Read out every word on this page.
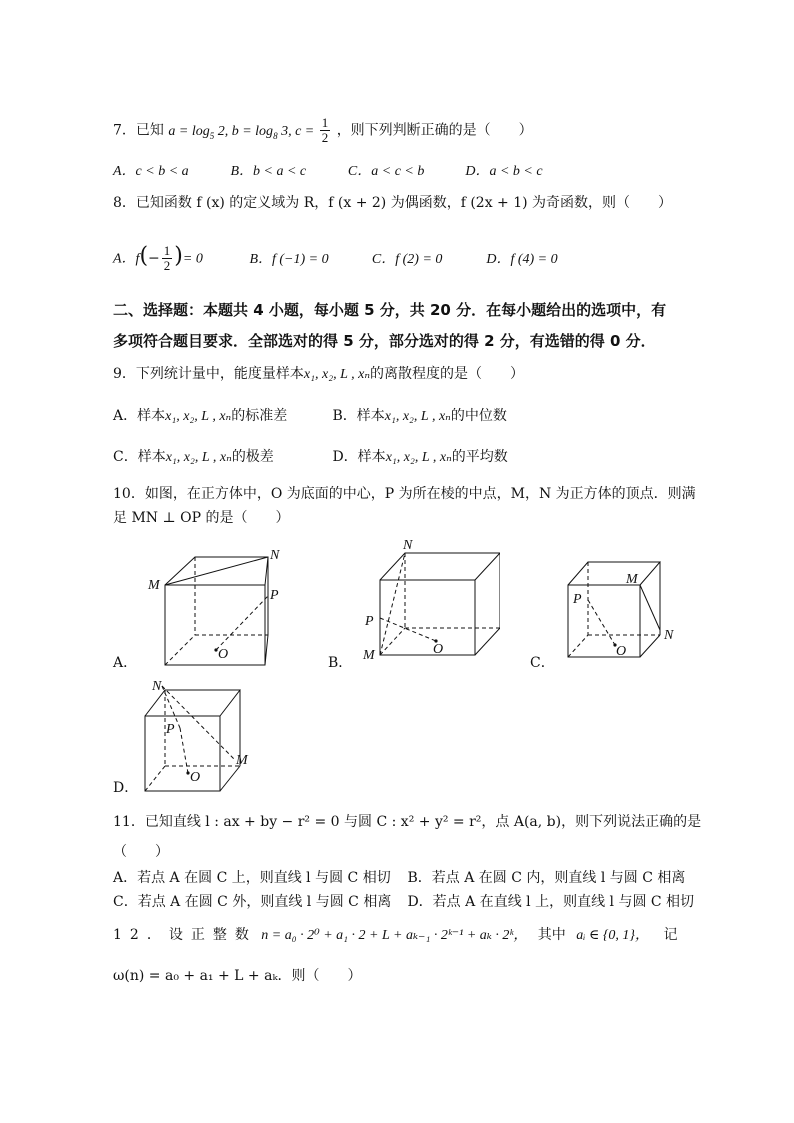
7．已知 $a = \log_5 2$, $b = \log_8 3$, $c = \frac{1}{2}$ ，则下列判断正确的是（　　）
A．c < b < a	B．b < a < c	C．a < c < b	D．a < b < c
8．已知函数 f (x) 的定义域为 R，f (x + 2) 为偶函数，f (2x + 1) 为奇函数，则（　　）
A．$f(- \frac{1}{2}$ )= 0	B．f (−1) = 0	C．f (2) = 0	D．f (4) = 0
二、选择题：本题共 4 小题，每小题 5 分，共 20 分．在每小题给出的选项中，有
多项符合题目要求．全部选对的得 5 分，部分选对的得 2 分，有选错的得 0 分．
9．下列统计量中，能度量样本x₁, x₂, L , xₙ的离散程度的是（　　）
A．样本x₁, x₂, L , xₙ的标准差	B．样本x₁, x₂, L , xₙ的中位数
C．样本x₁, x₂, L , xₙ的极差	D．样本x₁, x₂, L , xₙ的平均数
10．如图，在正方体中，O 为底面的中心，P 为所在棱的中点，M，N 为正方体的顶点．则满
足 MN ⊥ OP 的是（　　）
M
N
P
O
A．
N
P
M	O
B．
M
P
N
O
C．
N
P
M
O
D．
11．已知直线 l : ax + by − r² = 0 与圆 C : x² + y² = r²，点 A(a, b)，则下列说法正确的是
（　　）
A．若点 A 在圆 C 上，则直线 l 与圆 C 相切 B．若点 A 在圆 C 内，则直线 l 与圆 C 相离
C．若点 A 在圆 C 外，则直线 l 与圆 C 相离 D．若点 A 在直线 l 上，则直线 l 与圆 C 相切
12．设正整数 n = a₀ · 2⁰ + a₁ · 2 + L + aₖ₋₁ · 2ᵏ⁻¹ + aₖ · 2ᵏ， 其中 aᵢ ∈ {0, 1}， 记
ω(n) = a₀ + a₁ + L + aₖ．则（　　）
